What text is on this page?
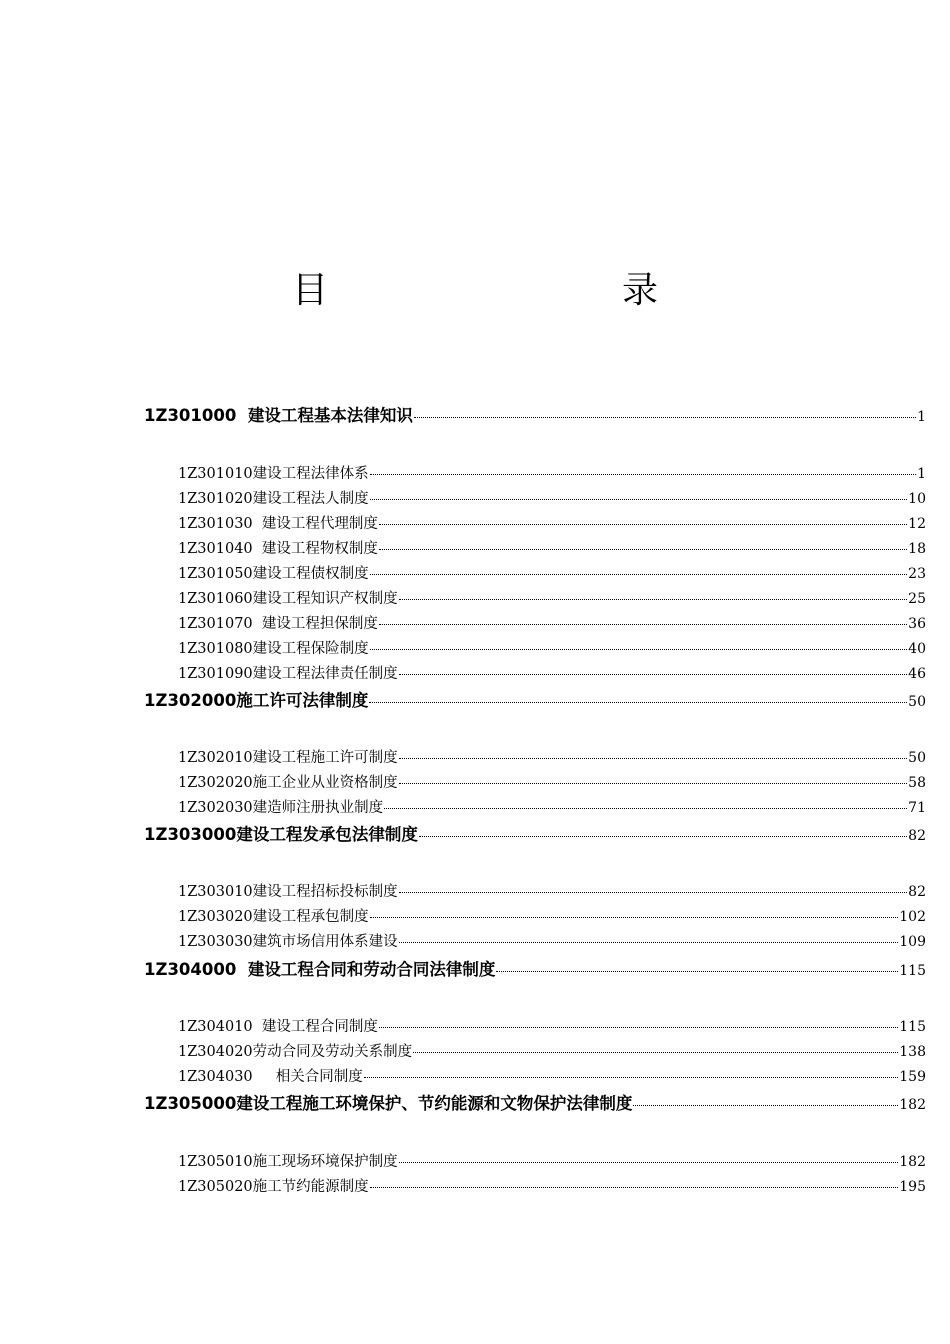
目　　录
1Z301000  建设工程基本法律知识	1
1Z301010建设工程法律体系	1
1Z301020建设工程法人制度	10
1Z301030  建设工程代理制度	12
1Z301040  建设工程物权制度	18
1Z301050建设工程债权制度	23
1Z301060建设工程知识产权制度	25
1Z301070  建设工程担保制度	36
1Z301080建设工程保险制度	40
1Z301090建设工程法律责任制度	46
1Z302000施工许可法律制度	50
1Z302010建设工程施工许可制度	50
1Z302020施工企业从业资格制度	58
1Z302030建造师注册执业制度	71
1Z303000建设工程发承包法律制度	82
1Z303010建设工程招标投标制度	82
1Z303020建设工程承包制度	102
1Z303030建筑市场信用体系建设	109
1Z304000  建设工程合同和劳动合同法律制度	115
1Z304010  建设工程合同制度	115
1Z304020劳动合同及劳动关系制度	138
1Z304030     相关合同制度	159
1Z305000建设工程施工环境保护、节约能源和文物保护法律制度	182
1Z305010施工现场环境保护制度	182
1Z305020施工节约能源制度	195
